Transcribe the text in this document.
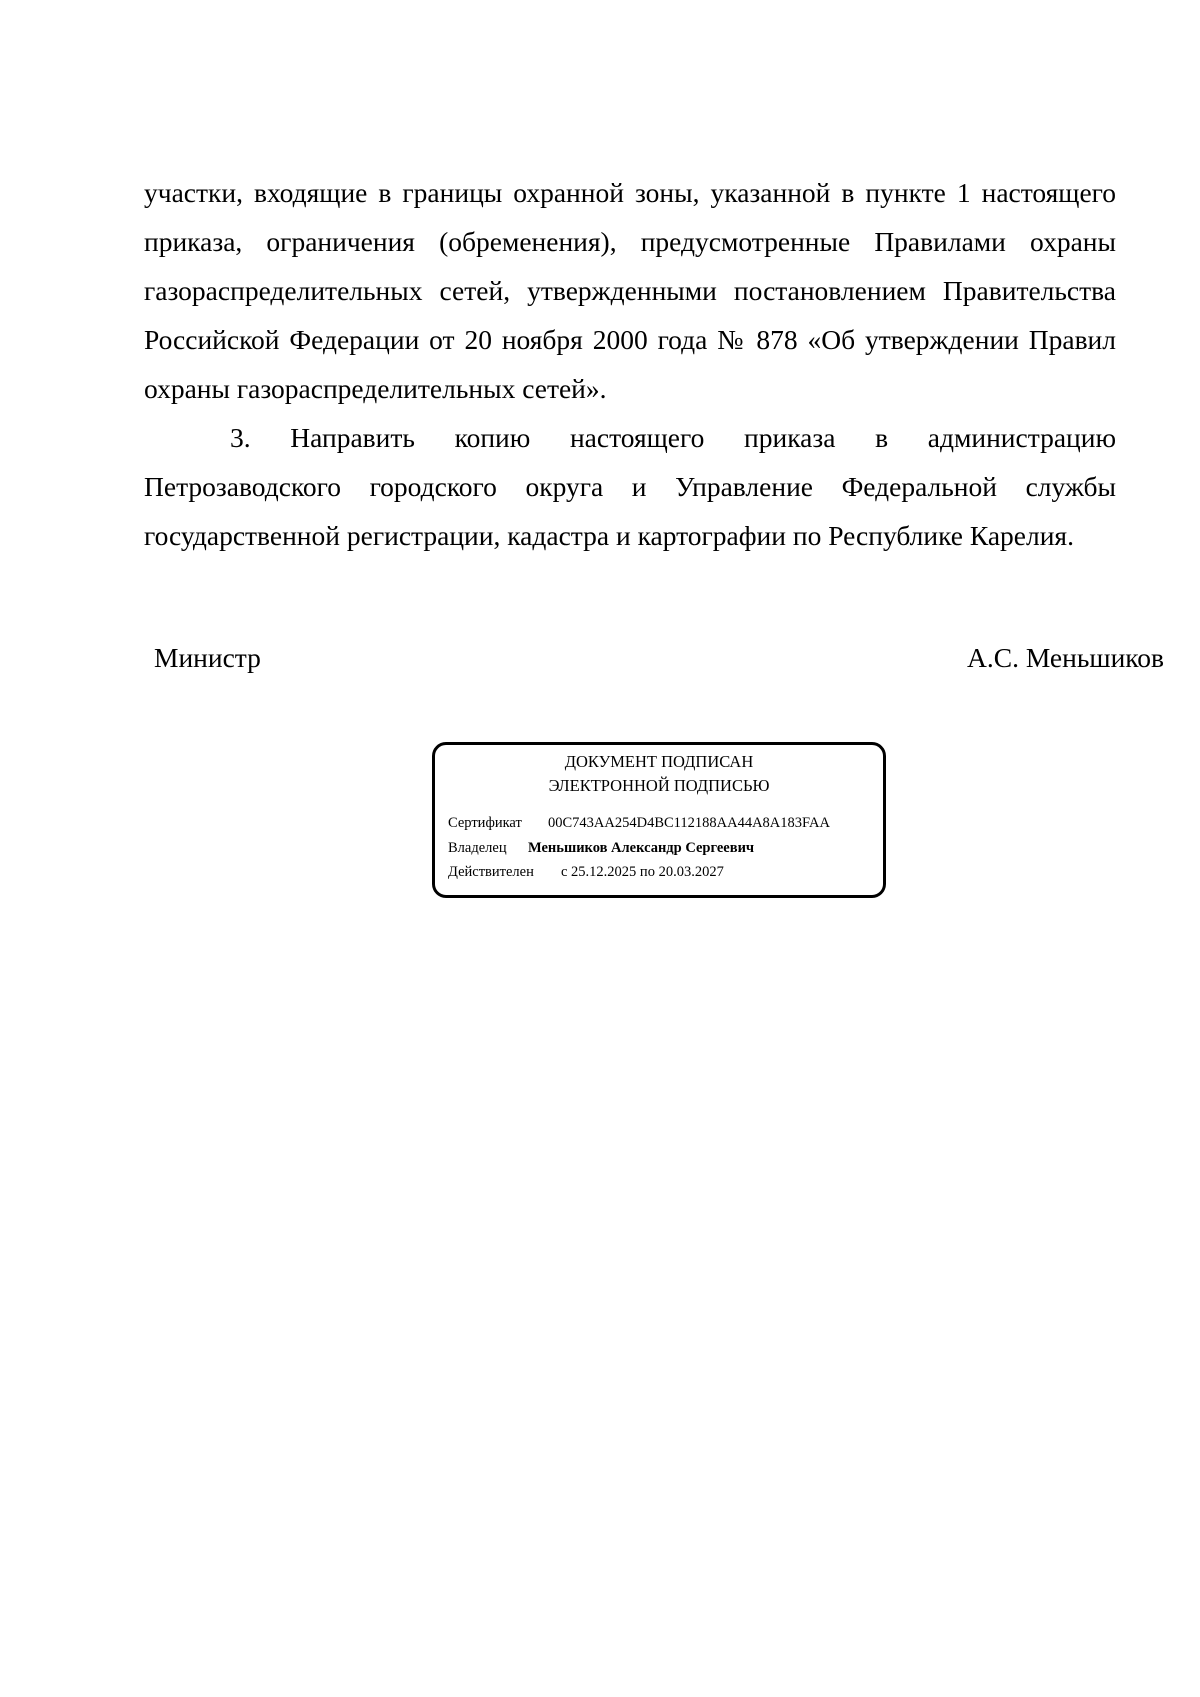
участки, входящие в границы охранной зоны, указанной в пункте 1 настоящего приказа, ограничения (обременения), предусмотренные Правилами охраны газораспределительных сетей, утвержденными постановлением Правительства Российской Федерации от 20 ноября 2000 года № 878 «Об утверждении Правил охраны газораспределительных сетей».

3. Направить копию настоящего приказа в администрацию Петрозаводского городского округа и Управление Федеральной службы государственной регистрации, кадастра и картографии по Республике Карелия.

Министр	А.С. Меньшиков
ДОКУМЕНТ ПОДПИСАН
ЭЛЕКТРОННОЙ ПОДПИСЬЮ
Сертификат 00C743AA254D4BC112188AA44A8A183FAA
Владелец Меньшиков Александр Сергеевич
Действителен с 25.12.2025 по 20.03.2027
